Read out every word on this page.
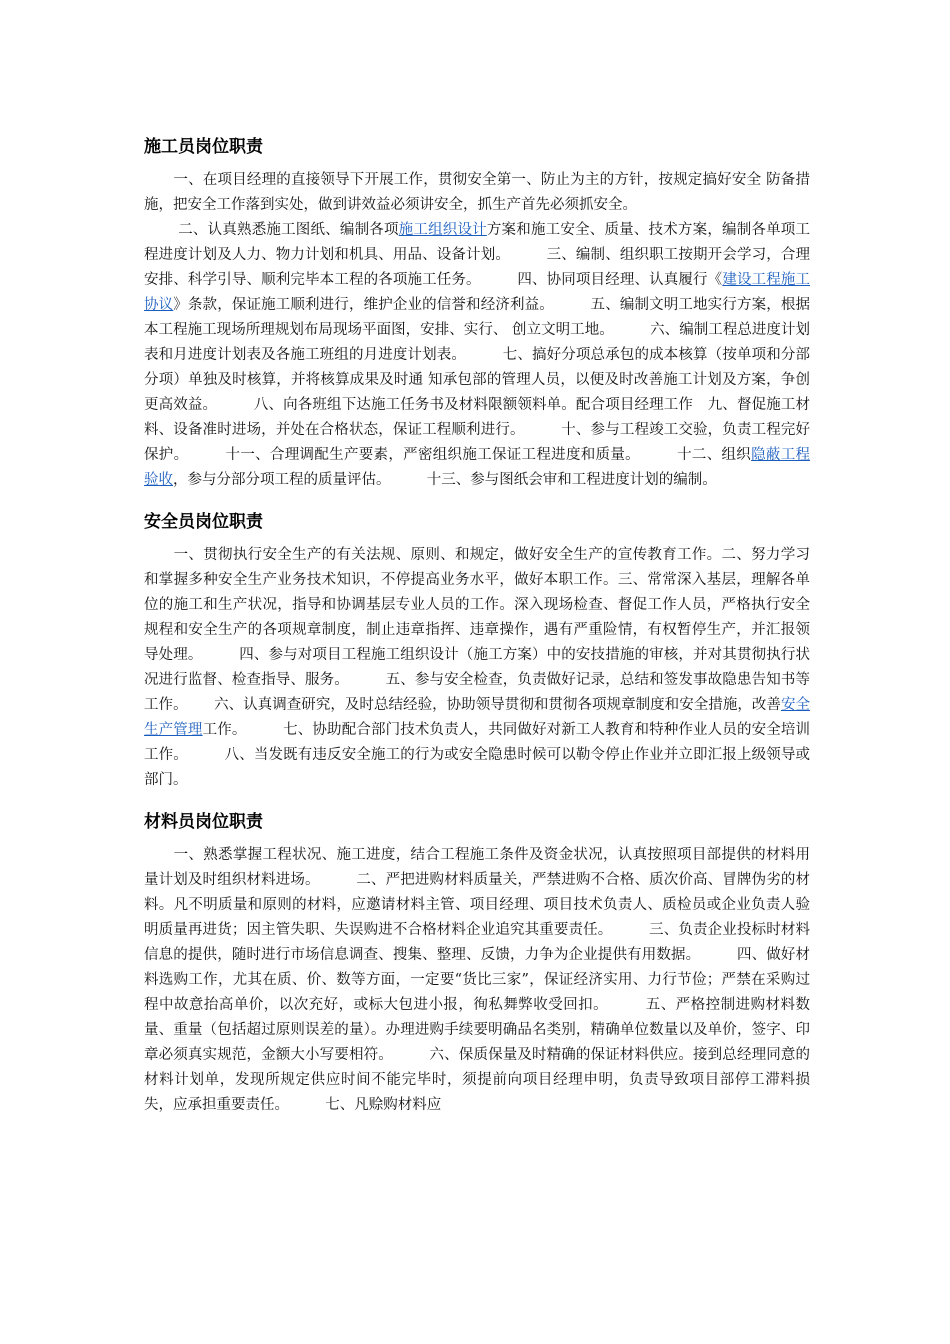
施工员岗位职责

　　一、在项目经理的直接领导下开展工作，贯彻安全第一、防止为主的方针，按规定搞好安全 防备措施，把安全工作落到实处，做到讲效益必须讲安全，抓生产首先必须抓安全。

　　 二、认真熟悉施工图纸、编制各项施工组织设计方案和施工安全、质量、技术方案，编制各单项工程进度计划及人力、物力计划和机具、用品、设备计划。　　　三、编制、组织职工按期开会学习，合理安排、科学引导、顺利完毕本工程的各项施工任务。　　　四、协同项目经理、认真履行《建设工程施工协议》条款，保证施工顺利进行，维护企业的信誉和经济利益。　　　五、编制文明工地实行方案，根据本工程施工现场所理规划布局现场平面图，安排、实行、 创立文明工地。　　　六、编制工程总进度计划表和月进度计划表及各施工班组的月进度计划表。　　　七、搞好分项总承包的成本核算（按单项和分部分项）单独及时核算，并将核算成果及时通 知承包部的管理人员，以便及时改善施工计划及方案，争创更高效益。　　　八、向各班组下达施工任务书及材料限额领料单。配合项目经理工作　九、督促施工材料、设备准时进场，并处在合格状态，保证工程顺利进行。　　　十、参与工程竣工交验，负责工程完好保护。　　　十一、合理调配生产要素，严密组织施工保证工程进度和质量。　　　十二、组织隐蔽工程验收，参与分部分项工程的质量评估。　　　十三、参与图纸会审和工程进度计划的编制。

安全员岗位职责

　　一、贯彻执行安全生产的有关法规、原则、和规定，做好安全生产的宣传教育工作。二、努力学习和掌握多种安全生产业务技术知识，不停提高业务水平，做好本职工作。三、常常深入基层，理解各单位的施工和生产状况，指导和协调基层专业人员的工作。深入现场检查、督促工作人员，严格执行安全规程和安全生产的各项规章制度，制止违章指挥、违章操作，遇有严重险情，有权暂停生产，并汇报领导处理。　　　四、参与对项目工程施工组织设计（施工方案）中的安技措施的审核，并对其贯彻执行状况进行监督、检查指导、服务。　　　五、参与安全检查，负责做好记录，总结和签发事故隐患告知书等工作。　　 六、认真调查研究，及时总结经验，协助领导贯彻和贯彻各项规章制度和安全措施，改善安全生产管理工作。　　　七、协助配合部门技术负责人，共同做好对新工人教育和特种作业人员的安全培训工作。　　　八、当发既有违反安全施工的行为或安全隐患时候可以勒令停止作业并立即汇报上级领导或部门。

材料员岗位职责

　　一、熟悉掌握工程状况、施工进度，结合工程施工条件及资金状况，认真按照项目部提供的材料用量计划及时组织材料进场。　　　二、严把进购材料质量关，严禁进购不合格、质次价高、冒牌伪劣的材料。凡不明质量和原则的材料，应邀请材料主管、项目经理、项目技术负责人、质检员或企业负责人验明质量再进货；因主管失职、失误购进不合格材料企业追究其重要责任。　　　三、负责企业投标时材料信息的提供，随时进行市场信息调查、搜集、整理、反馈，力争为企业提供有用数据。　　　四、做好材料选购工作，尤其在质、价、数等方面，一定要“货比三家”，保证经济实用、力行节俭；严禁在采购过程中故意抬高单价，以次充好，或标大包进小报，徇私舞弊收受回扣。　　　五、严格控制进购材料数量、重量（包括超过原则误差的量）。办理进购手续要明确品名类别，精确单位数量以及单价，签字、印章必须真实规范，金额大小写要相符。　　　六、保质保量及时精确的保证材料供应。接到总经理同意的材料计划单，发现所规定供应时间不能完毕时，须提前向项目经理申明，负责导致项目部停工滞料损失，应承担重要责任。　　　七、凡赊购材料应
